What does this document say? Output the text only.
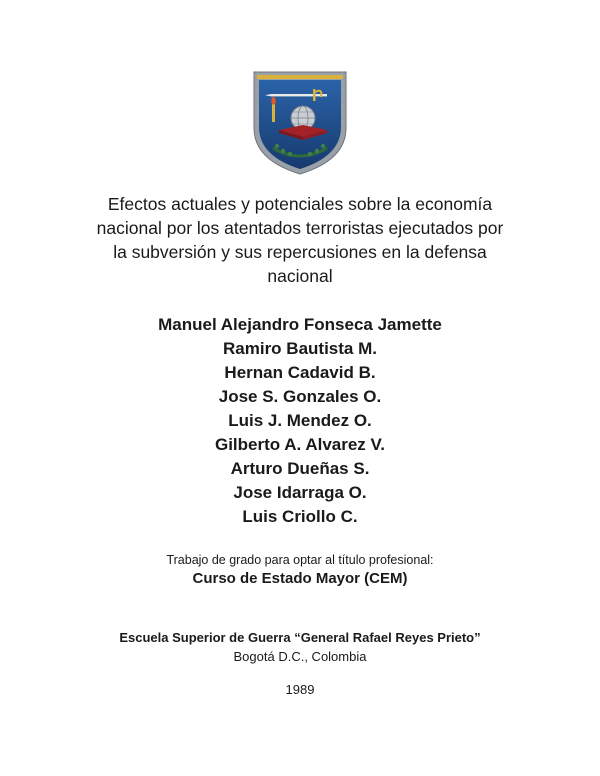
Efectos actuales y potenciales sobre la economía
nacional por los atentados terroristas ejecutados por
la subversión y sus repercusiones en la defensa
nacional
Manuel Alejandro Fonseca Jamette
Ramiro Bautista M.
Hernan Cadavid B.
Jose S. Gonzales O.
Luis J. Mendez O.
Gilberto A. Alvarez V.
Arturo Dueñas S.
Jose Idarraga O.
Luis Criollo C.
Trabajo de grado para optar al título profesional:
Curso de Estado Mayor (CEM)
Escuela Superior de Guerra “General Rafael Reyes Prieto”
Bogotá D.C., Colombia
1989
